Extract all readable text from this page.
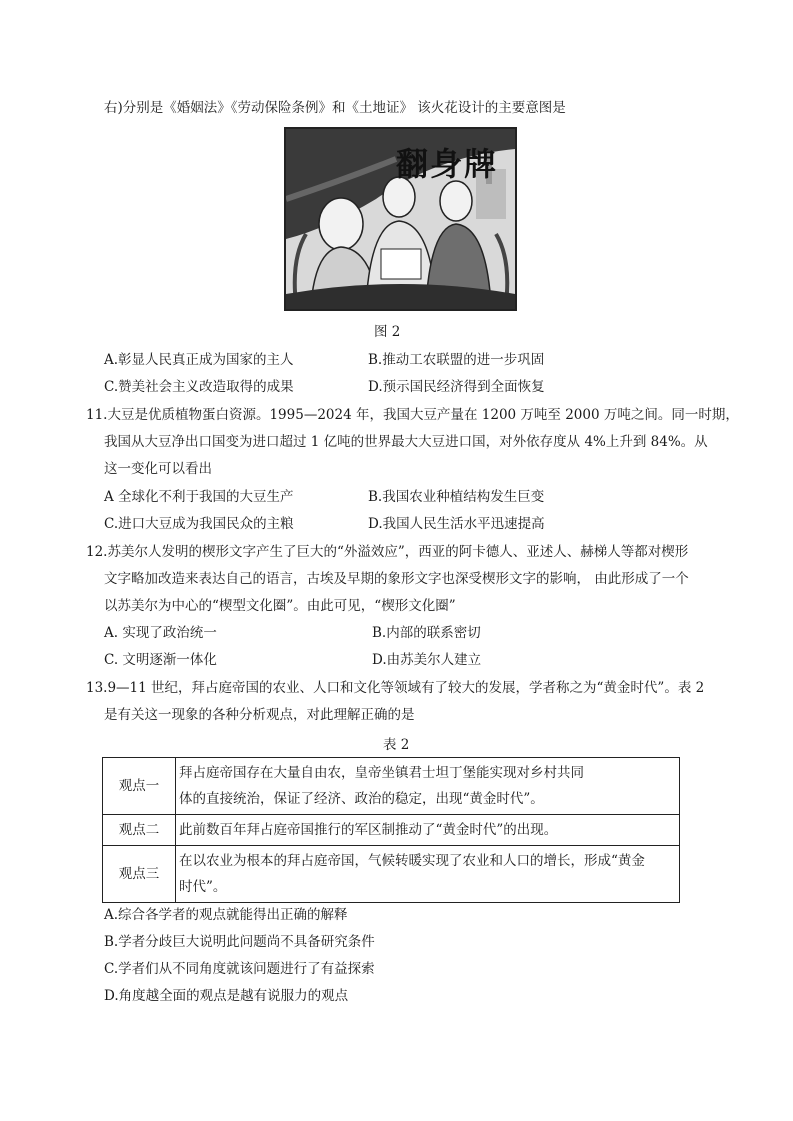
右)分别是《婚姻法》《劳动保险条例》和《土地证》 该火花设计的主要意图是
翻身牌
图 2
A.彰显人民真正成为国家的主人	B.推动工农联盟的进一步巩固
C.赞美社会主义改造取得的成果	D.预示国民经济得到全面恢复
11.大豆是优质植物蛋白资源。1995—2024 年，我国大豆产量在 1200 万吨至 2000 万吨之间。同一时期，
我国从大豆净出口国变为进口超过 1 亿吨的世界最大大豆进口国，对外依存度从 4%上升到 84%。从
这一变化可以看出
A 全球化不利于我国的大豆生产	B.我国农业种植结构发生巨变
C.进口大豆成为我国民众的主粮	D.我国人民生活水平迅速提高
12.苏美尔人发明的楔形文字产生了巨大的“外溢效应”，西亚的阿卡德人、亚述人、赫梯人等都对楔形
文字略加改造来表达自己的语言，古埃及早期的象形文字也深受楔形文字的影响， 由此形成了一个
以苏美尔为中心的“楔型文化圈”。由此可见，“楔形文化圈”
A. 实现了政治统一	B.内部的联系密切
C. 文明逐渐一体化	D.由苏美尔人建立
13.9—11 世纪，拜占庭帝国的农业、人口和文化等领域有了较大的发展，学者称之为“黄金时代”。表 2
是有关这一现象的各种分析观点，对此理解正确的是
表 2
观点一	拜占庭帝国存在大量自由农，皇帝坐镇君士坦丁堡能实现对乡村共同
体的直接统治，保证了经济、政治的稳定，出现“黄金时代”。

观点二	此前数百年拜占庭帝国推行的军区制推动了“黄金时代”的出现。

观点三	在以农业为根本的拜占庭帝国，气候转暖实现了农业和人口的增长，形成“黄金
时代”。
A.综合各学者的观点就能得出正确的解释
B.学者分歧巨大说明此问题尚不具备研究条件
C.学者们从不同角度就该问题进行了有益探索
D.角度越全面的观点是越有说服力的观点
